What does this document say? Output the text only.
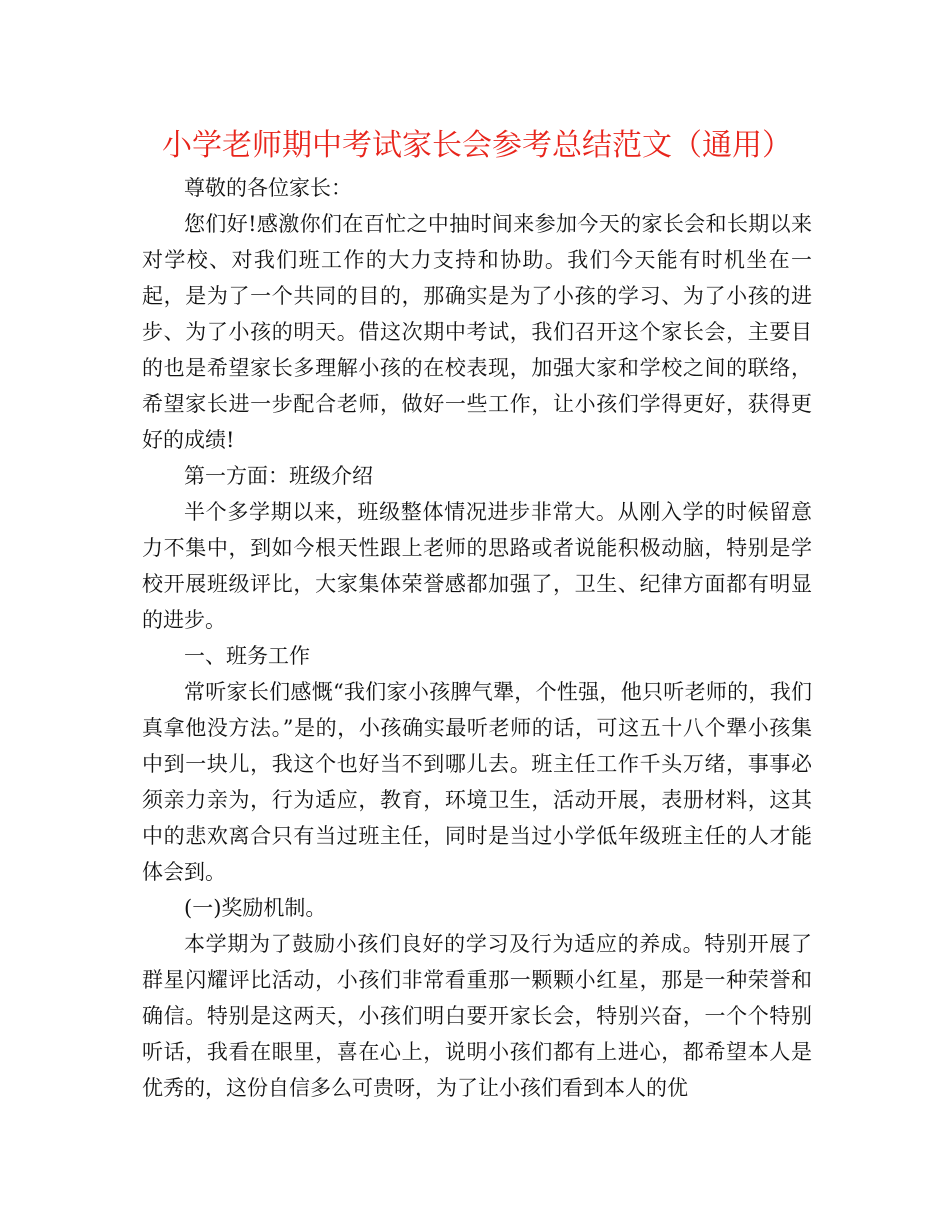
小学老师期中考试家长会参考总结范文（通用）

尊敬的各位家长：

您们好!感激你们在百忙之中抽时间来参加今天的家长会和长期以来对学校、对我们班工作的大力支持和协助。我们今天能有时机坐在一起，是为了一个共同的目的，那确实是为了小孩的学习、为了小孩的进步、为了小孩的明天。借这次期中考试，我们召开这个家长会，主要目的也是希望家长多理解小孩的在校表现，加强大家和学校之间的联络，希望家长进一步配合老师，做好一些工作，让小孩们学得更好，获得更好的成绩!

第一方面：班级介绍

半个多学期以来，班级整体情况进步非常大。从刚入学的时候留意力不集中，到如今根天性跟上老师的思路或者说能积极动脑，特别是学校开展班级评比，大家集体荣誉感都加强了，卫生、纪律方面都有明显的进步。

一、班务工作

常听家长们感慨“我们家小孩脾气犟，个性强，他只听老师的，我们真拿他没方法。”是的，小孩确实最听老师的话，可这五十八个犟小孩集中到一块儿，我这个也好当不到哪儿去。班主任工作千头万绪，事事必须亲力亲为，行为适应，教育，环境卫生，活动开展，表册材料，这其中的悲欢离合只有当过班主任，同时是当过小学低年级班主任的人才能体会到。

(一)奖励机制。

本学期为了鼓励小孩们良好的学习及行为适应的养成。特别开展了群星闪耀评比活动，小孩们非常看重那一颗颗小红星，那是一种荣誉和确信。特别是这两天，小孩们明白要开家长会，特别兴奋，一个个特别听话，我看在眼里，喜在心上，说明小孩们都有上进心，都希望本人是优秀的，这份自信多么可贵呀，为了让小孩们看到本人的优
